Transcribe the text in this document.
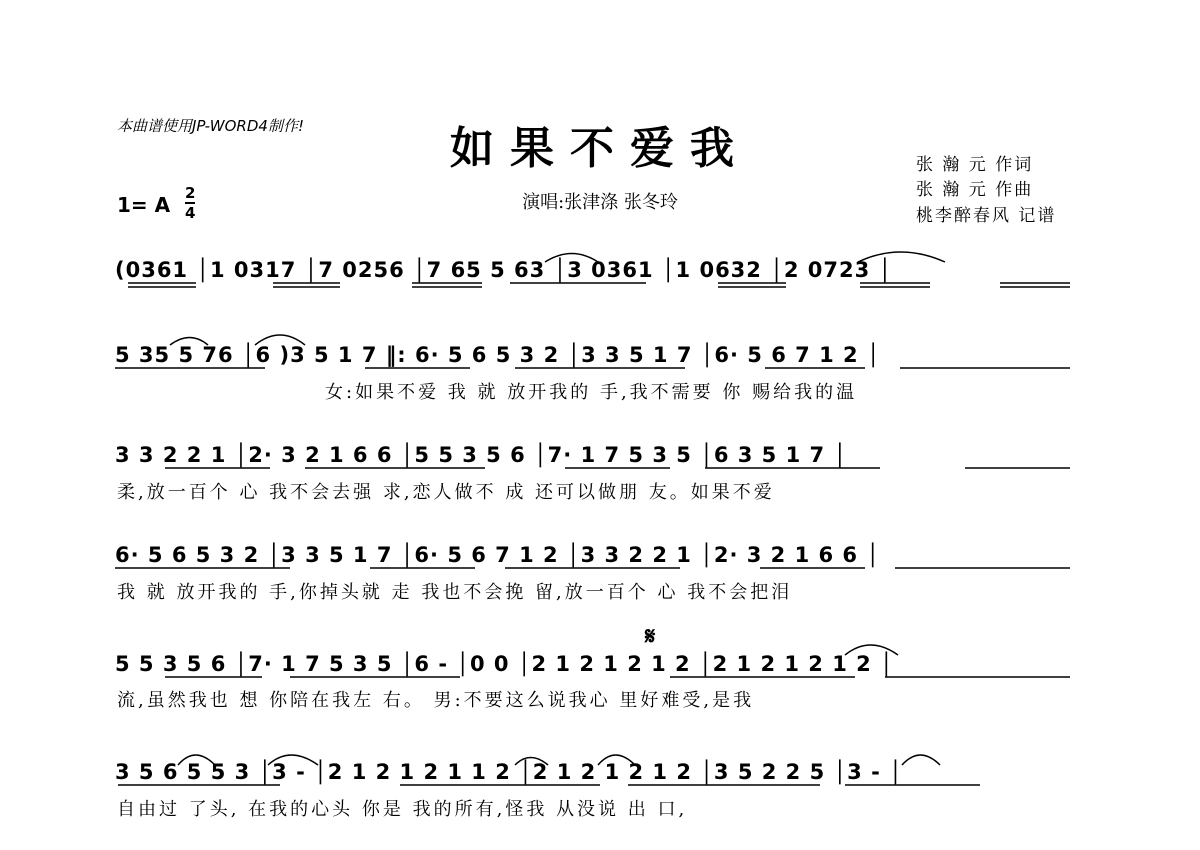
本曲谱使用JP-WORD4制作!	如果不爱我
1= A 2
4	演唱:张津涤 张冬玲
张 瀚 元 作词
张 瀚 元 作曲
桃李醉春风 记谱
𝄋
(0361 │1 0317 │7 0256 │7 65 5 63 │3 0361 │1 0632 │2 0723 │
5 35 5 76 │6 )3 5 1 7 ‖: 6· 5 6 5 3 2 │3 3 5 1 7 │6· 5 6 7 1 2 │
女:如果不爱 我 就 放开我的 手,我不需要 你 赐给我的温
3 3 2 2 1 │2· 3 2 1 6 6 │5 5 3 5 6 │7· 1 7 5 3 5 │6 3 5 1 7 │
柔,放一百个 心 我不会去强 求,恋人做不 成 还可以做朋 友。如果不爱
6· 5 6 5 3 2 │3 3 5 1 7 │6· 5 6 7 1 2 │3 3 2 2 1 │2· 3 2 1 6 6 │
我 就 放开我的 手,你掉头就 走 我也不会挽 留,放一百个 心 我不会把泪
5 5 3 5 6 │7· 1 7 5 3 5 │6 - │0 0 │2 1 2 1 2 1 2 │2 1 2 1 2 1 2 │
流,虽然我也 想 你陪在我左 右。 男:不要这么说我心 里好难受,是我
3 5 6 5 5 3 │3 - │2 1 2 1 2 1 1 2 │2 1 2 1 2 1 2 │3 5 2 2 5 │3 - │
自由过 了头, 在我的心头 你是 我的所有,怪我 从没说 出 口,
